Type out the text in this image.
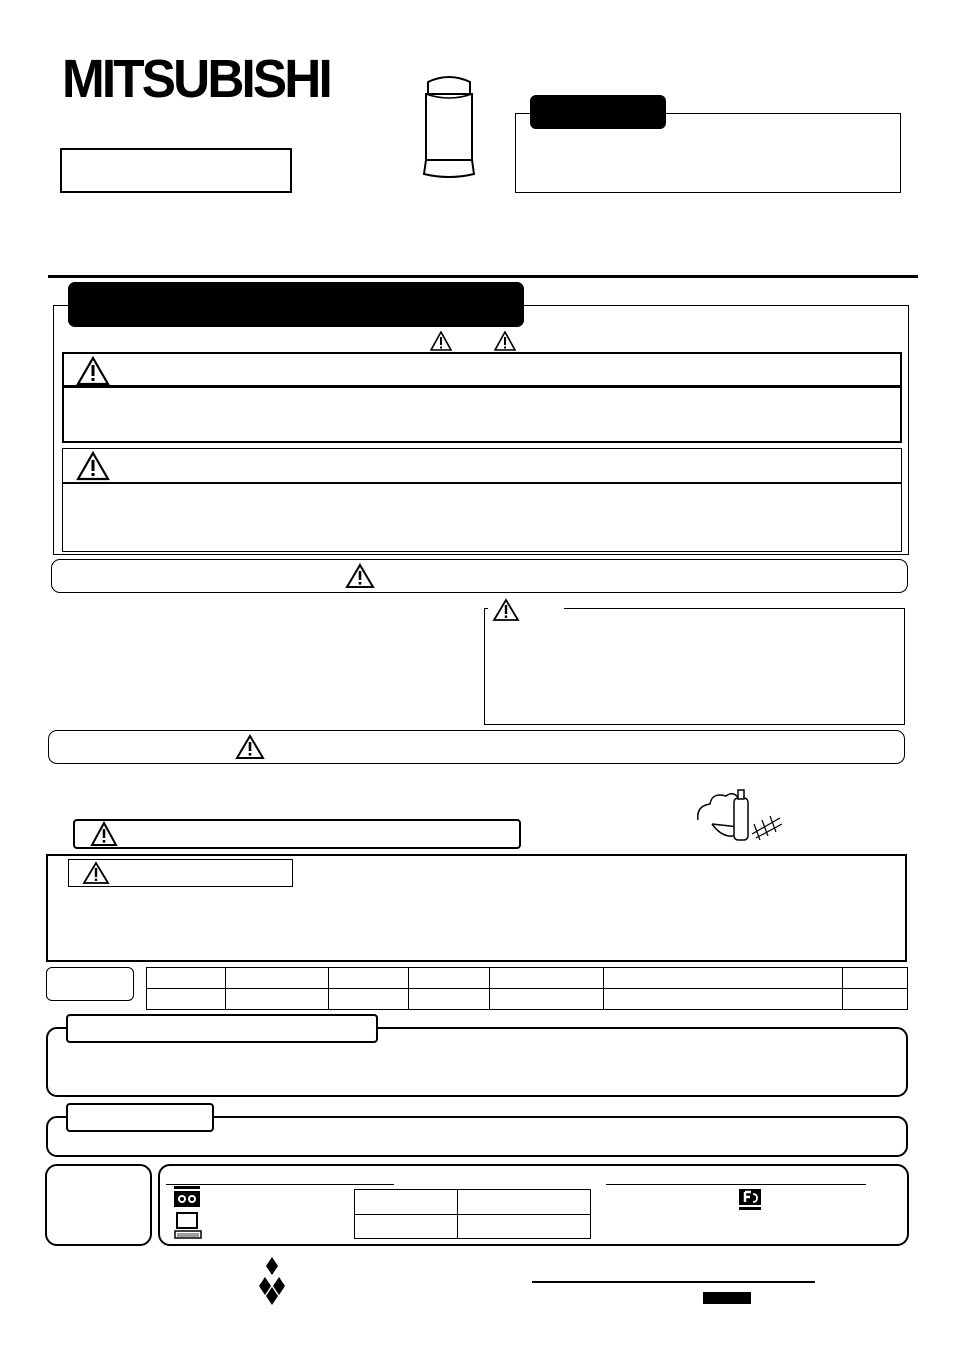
MITSUBISHI
